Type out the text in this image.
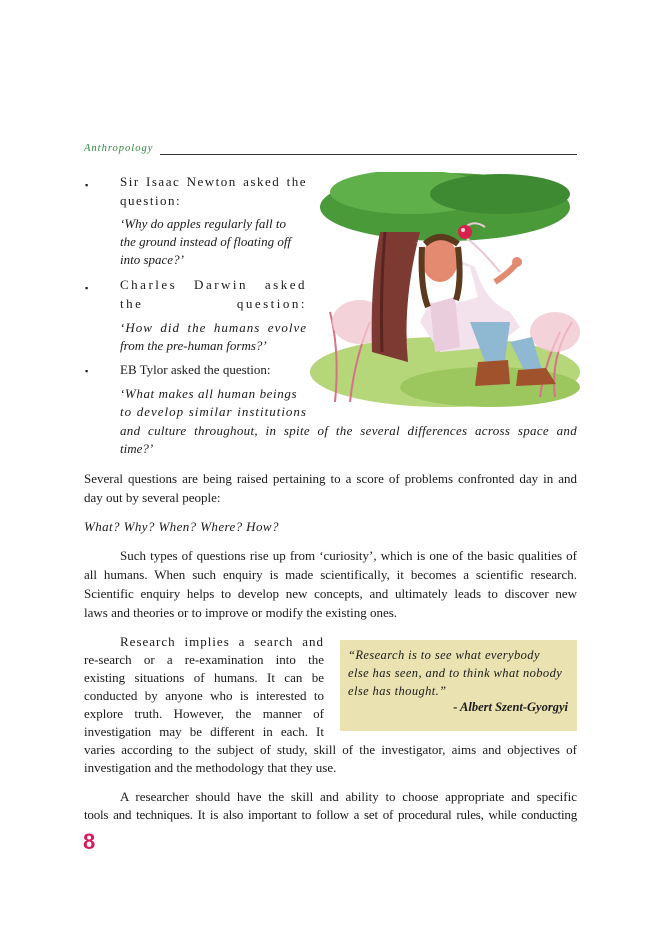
Anthropology
▪
▪
▪
Sir Isaac Newton asked the question:
‘Why do apples regularly fall to
the ground instead of floating off
into space?’
Charles Darwin asked the question:
‘How did the humans evolve
from the pre-human forms?’
EB Tylor asked the question:
‘What makes all human beings
to develop similar institutions
and culture throughout, in spite of the several differences across space and
time?’
Several questions are being raised pertaining to a score of problems confronted day in and
day out by several people:
What? Why? When? Where? How?
Such types of questions rise up from ‘curiosity’, which is one of the basic qualities of
all humans. When such enquiry is made scientifically, it becomes a scientific research.
Scientific enquiry helps to develop new concepts, and ultimately leads to discover new
laws and theories or to improve or modify the existing ones.
Research implies a search and
re-search or a re-examination into the
existing situations of humans. It can be
conducted by anyone who is interested to
explore truth. However, the manner of
investigation may be different in each. It
varies according to the subject of study, skill of the investigator, aims and objectives of
investigation and the methodology that they use.
“Research is to see what everybody
else has seen, and to think what nobody
else has thought.”
- Albert Szent-Gyorgyi
A researcher should have the skill and ability to choose appropriate and specific
tools and techniques. It is also important to follow a set of procedural rules, while conducting
8
